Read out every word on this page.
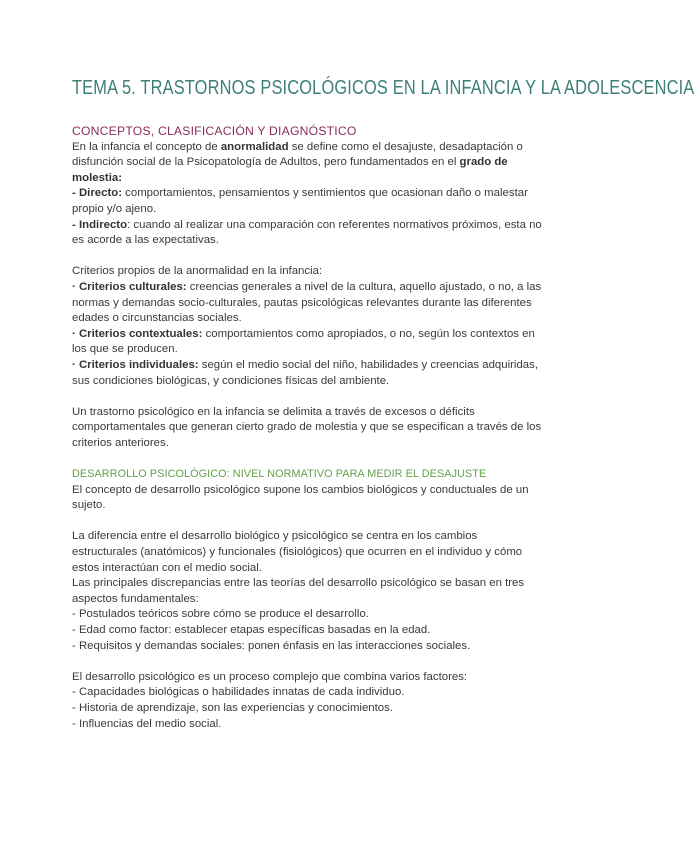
TEMA 5. TRASTORNOS PSICOLÓGICOS EN LA INFANCIA Y LA ADOLESCENCIA

CONCEPTOS, CLASIFICACIÓN Y DIAGNÓSTICO

En la infancia el concepto de anormalidad se define como el desajuste, desadaptación o disfunción social de la Psicopatología de Adultos, pero fundamentados en el grado de molestia:

- Directo: comportamientos, pensamientos y sentimientos que ocasionan daño o malestar propio y/o ajeno.

- Indirecto: cuando al realizar una comparación con referentes normativos próximos, esta no es acorde a las expectativas.

Criterios propios de la anormalidad en la infancia:

· Criterios culturales: creencias generales a nivel de la cultura, aquello ajustado, o no, a las normas y demandas socio-culturales, pautas psicológicas relevantes durante las diferentes edades o circunstancias sociales.

· Criterios contextuales: comportamientos como apropiados, o no, según los contextos en los que se producen.

· Criterios individuales: según el medio social del niño, habilidades y creencias adquiridas, sus condiciones biológicas, y condiciones físicas del ambiente.

Un trastorno psicológico en la infancia se delimita a través de excesos o déficits comportamentales que generan cierto grado de molestia y que se especifican a través de los criterios anteriores.

DESARROLLO PSICOLÓGICO: NIVEL NORMATIVO PARA MEDIR EL DESAJUSTE

El concepto de desarrollo psicológico supone los cambios biológicos y conductuales de un sujeto.

La diferencia entre el desarrollo biológico y psicológico se centra en los cambios estructurales (anatómicos) y funcionales (fisiológicos) que ocurren en el individuo y cómo estos interactúan con el medio social.

Las principales discrepancias entre las teorías del desarrollo psicológico se basan en tres aspectos fundamentales:

- Postulados teóricos sobre cómo se produce el desarrollo.

- Edad como factor: establecer etapas específicas basadas en la edad.

- Requisitos y demandas sociales: ponen énfasis en las interacciones sociales.

El desarrollo psicológico es un proceso complejo que combina varios factores:

- Capacidades biológicas o habilidades innatas de cada individuo.

- Historia de aprendizaje, son las experiencias y conocimientos.

- Influencias del medio social.
